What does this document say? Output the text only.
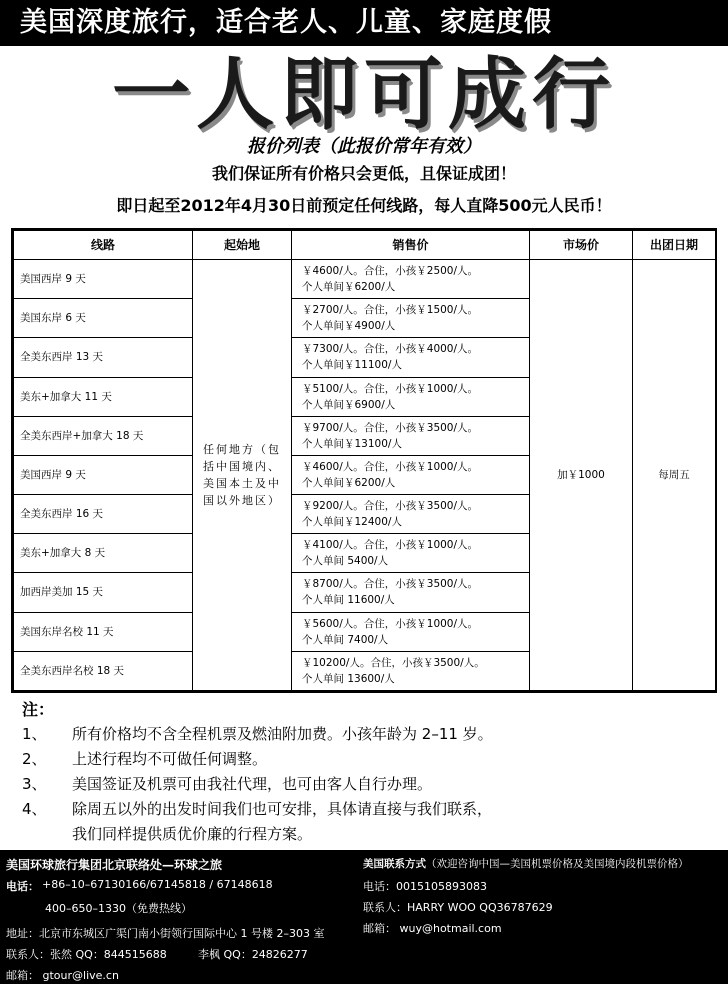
美国深度旅行，适合老人、儿童、家庭度假
一人即可成行
报价列表（此报价常年有效）
我们保证所有价格只会更低，且保证成团！
即日起至2012年4月30日前预定任何线路，每人直降500元人民币！
线路	起始地	销售价	市场价	出团日期
美国西岸 9 天	任何地方（包括中国境内、美国本土及中国以外地区）	￥4600/人。合住，小孩￥2500/人。
个人单间￥6200/人	加￥1000	每周五
美国东岸 6 天		￥2700/人。合住，小孩￥1500/人。
个人单间￥4900/人		

全美东西岸 13 天		￥7300/人。合住，小孩￥4000/人。
个人单间￥11100/人		

美东+加拿大 11 天		￥5100/人。合住，小孩￥1000/人。
个人单间￥6900/人		

全美东西岸+加拿大 18 天		￥9700/人。合住，小孩￥3500/人。
个人单间￥13100/人		

美国西岸 9 天		￥4600/人。合住，小孩￥1000/人。
个人单间￥6200/人		

全美东西岸 16 天		￥9200/人。合住，小孩￥3500/人。
个人单间￥12400/人		

美东+加拿大 8 天		￥4100/人。合住，小孩￥1000/人。
个人单间 5400/人		

加西岸美加 15 天		￥8700/人。合住，小孩￥3500/人。
个人单间 11600/人		

美国东岸名校 11 天		￥5600/人。合住，小孩￥1000/人。
个人单间 7400/人		

全美东西岸名校 18 天		￥10200/人。合住，小孩￥3500/人。
个人单间 13600/人		
注：
1、 所有价格均不含全程机票及燃油附加费。小孩年龄为 2–11 岁。
2、 上述行程均不可做任何调整。
3、 美国签证及机票可由我社代理，也可由客人自行办理。
4、 除周五以外的出发时间我们也可安排，具体请直接与我们联系，
我们同样提供质优价廉的行程方案。
美国环球旅行集团北京联络处—环球之旅
电话： +86–10–67130166/67145818 / 67148618
400–650–1330（免费热线）
地址：北京市东城区广渠门南小街领行国际中心 1 号楼 2–303 室
联系人：张然 QQ：844515688	李枫 QQ：24826277
邮箱： gtour@live.cn
美国联系方式（欢迎咨询中国—美国机票价格及美国境内段机票价格）
电话：0015105893083
联系人：HARRY WOO QQ36787629
邮箱： wuy@hotmail.com
